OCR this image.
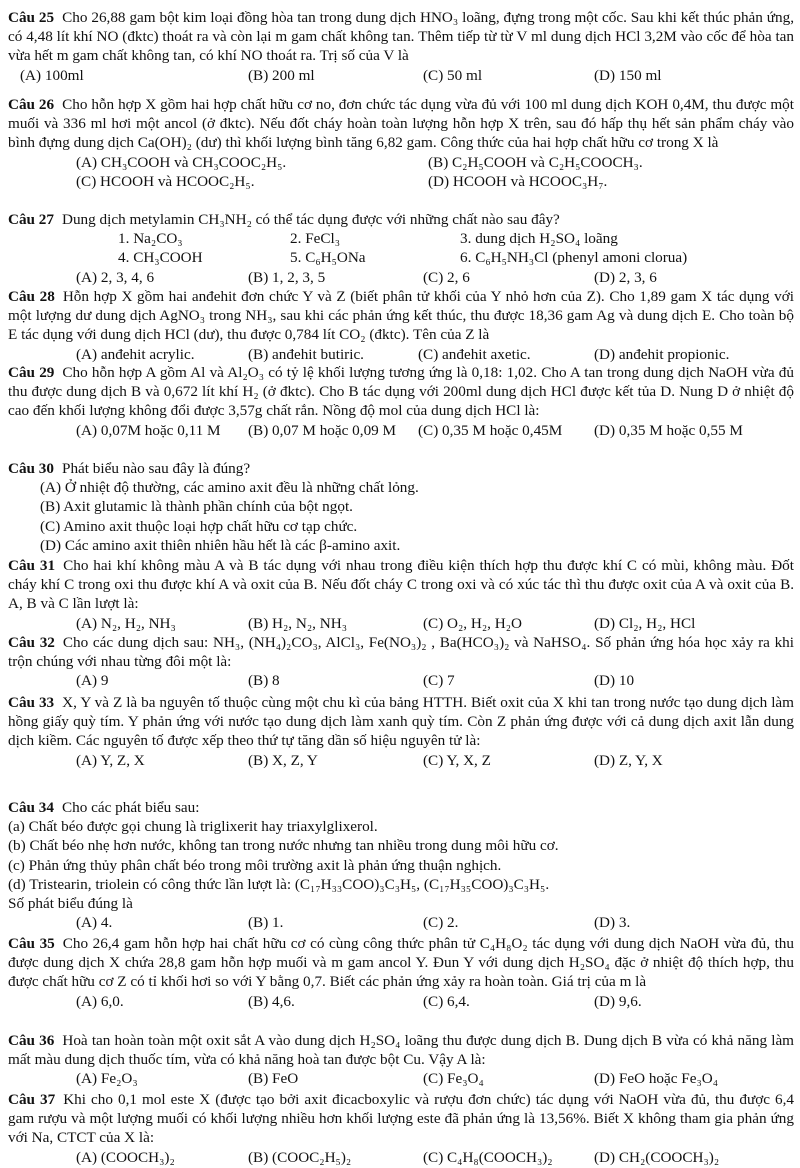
Câu 25 Cho 26,88 gam bột kim loại đồng hòa tan trong dung dịch HNO₃ loãng, đựng trong một cốc. Sau khi kết thúc phản ứng, có 4,48 lít khí NO (đktc) thoát ra và còn lại m gam chất không tan. Thêm tiếp từ từ V ml dung dịch HCl 3,2M vào cốc để hòa tan vừa hết m gam chất không tan, có khí NO thoát ra. Trị số của V là

(A) 100ml	(B) 200 ml	(C) 50 ml	(D) 150 ml

Câu 26 Cho hỗn hợp X gồm hai hợp chất hữu cơ no, đơn chức tác dụng vừa đủ với 100 ml dung dịch KOH 0,4M, thu được một muối và 336 ml hơi một ancol (ở đktc). Nếu đốt cháy hoàn toàn lượng hỗn hợp X trên, sau đó hấp thụ hết sản phẩm cháy vào bình đựng dung dịch Ca(OH)₂ (dư) thì khối lượng bình tăng 6,82 gam. Công thức của hai hợp chất hữu cơ trong X là

(A) CH₃COOH và CH₃COOC₂H₅.	(B) C₂H₅COOH và C₂H₅COOCH₃.
(C) HCOOH và HCOOC₂H₅.	(D) HCOOH và HCOOC₃H₇.

Câu 27 Dung dịch metylamin CH₃NH₂ có thể tác dụng được với những chất nào sau đây?

1. Na₂CO₃	2. FeCl₃	3. dung dịch H₂SO₄ loãng
4. CH₃COOH	5. C₆H₅ONa	6. C₆H₅NH₃Cl (phenyl amoni clorua)
(A) 2, 3, 4, 6	(B) 1, 2, 3, 5	(C) 2, 6	(D) 2, 3, 6

Câu 28 Hỗn hợp X gồm hai anđehit đơn chức Y và Z (biết phân tử khối của Y nhỏ hơn của Z). Cho 1,89 gam X tác dụng với một lượng dư dung dịch AgNO₃ trong NH₃, sau khi các phản ứng kết thúc, thu được 18,36 gam Ag và dung dịch E. Cho toàn bộ E tác dụng với dung dịch HCl (dư), thu được 0,784 lít CO₂ (đktc). Tên của Z là

(A) anđehit acrylic.	(B) anđehit butiric.	(C) anđehit axetic.	(D) anđehit propionic.

Câu 29 Cho hỗn hợp A gồm Al và Al₂O₃ có tỷ lệ khối lượng tương ứng là 0,18: 1,02. Cho A tan trong dung dịch NaOH vừa đủ thu được dung dịch B và 0,672 lít khí H₂ (ở đktc). Cho B tác dụng với 200ml dung dịch HCl được kết tủa D. Nung D ở nhiệt độ cao đến khối lượng không đổi được 3,57g chất rắn. Nồng độ mol của dung dịch HCl là:

(A) 0,07M hoặc 0,11 M (B) 0,07 M hoặc 0,09 M (C) 0,35 M hoặc 0,45M (D) 0,35 M hoặc 0,55 M

Câu 30 Phát biểu nào sau đây là đúng?

(A) Ở nhiệt độ thường, các amino axit đều là những chất lỏng.

(B) Axit glutamic là thành phần chính của bột ngọt.

(C) Amino axit thuộc loại hợp chất hữu cơ tạp chức.

(D) Các amino axit thiên nhiên hầu hết là các β-amino axit.

Câu 31 Cho hai khí không màu A và B tác dụng với nhau trong điều kiện thích hợp thu được khí C có mùi, không màu. Đốt cháy khí C trong oxi thu được khí A và oxit của B. Nếu đốt cháy C trong oxi và có xúc tác thì thu được oxit của A và oxit của B. A, B và C lần lượt là:

(A) N₂, H₂, NH₃	(B) H₂, N₂, NH₃	(C) O₂, H₂, H₂O	(D) Cl₂, H₂, HCl

Câu 32 Cho các dung dịch sau: NH₃, (NH₄)₂CO₃, AlCl₃, Fe(NO₃)₂ , Ba(HCO₃)₂ và NaHSO₄. Số phản ứng hóa học xảy ra khi trộn chúng với nhau từng đôi một là:

(A) 9	(B) 8	(C) 7	(D) 10

Câu 33 X, Y và Z là ba nguyên tố thuộc cùng một chu kì của bảng HTTH. Biết oxit của X khi tan trong nước tạo dung dịch làm hồng giấy quỳ tím. Y phản ứng với nước tạo dung dịch làm xanh quỳ tím. Còn Z phản ứng được với cả dung dịch axit lẫn dung dịch kiềm. Các nguyên tố được xếp theo thứ tự tăng dần số hiệu nguyên tử là:

(A) Y, Z, X	(B) X, Z, Y	(C) Y, X, Z	(D) Z, Y, X

Câu 34 Cho các phát biểu sau:

(a) Chất béo được gọi chung là triglixerit hay triaxylglixerol.

(b) Chất béo nhẹ hơn nước, không tan trong nước nhưng tan nhiều trong dung môi hữu cơ.

(c) Phản ứng thủy phân chất béo trong môi trường axit là phản ứng thuận nghịch.

(d) Tristearin, triolein có công thức lần lượt là: (C₁₇H₃₃COO)₃C₃H₅, (C₁₇H₃₅COO)₃C₃H₅.

Số phát biểu đúng là

(A) 4.	(B) 1.	(C) 2.	(D) 3.

Câu 35 Cho 26,4 gam hỗn hợp hai chất hữu cơ có cùng công thức phân tử C₄H₈O₂ tác dụng với dung dịch NaOH vừa đủ, thu được dung dịch X chứa 28,8 gam hỗn hợp muối và m gam ancol Y. Đun Y với dung dịch H₂SO₄ đặc ở nhiệt độ thích hợp, thu được chất hữu cơ Z có tỉ khối hơi so với Y bằng 0,7. Biết các phản ứng xảy ra hoàn toàn. Giá trị của m là

(A) 6,0.	(B) 4,6.	(C) 6,4.	(D) 9,6.

Câu 36 Hoà tan hoàn toàn một oxit sắt A vào dung dịch H₂SO₄ loãng thu được dung dịch B. Dung dịch B vừa có khả năng làm mất màu dung dịch thuốc tím, vừa có khả năng hoà tan được bột Cu. Vậy A là:

(A) Fe₂O₃	(B) FeO	(C) Fe₃O₄	(D) FeO hoặc Fe₃O₄

Câu 37 Khi cho 0,1 mol este X (được tạo bởi axit đicacboxylic và rượu đơn chức) tác dụng với NaOH vừa đủ, thu được 6,4 gam rượu và một lượng muối có khối lượng nhiều hơn khối lượng este đã phản ứng là 13,56%. Biết X không tham gia phản ứng với Na, CTCT của X là:

(A) (COOCH₃)₂	(B) (COOC₂H₅)₂	(C) C₄H₈(COOCH₃)₂	(D) CH₂(COOCH₃)₂
